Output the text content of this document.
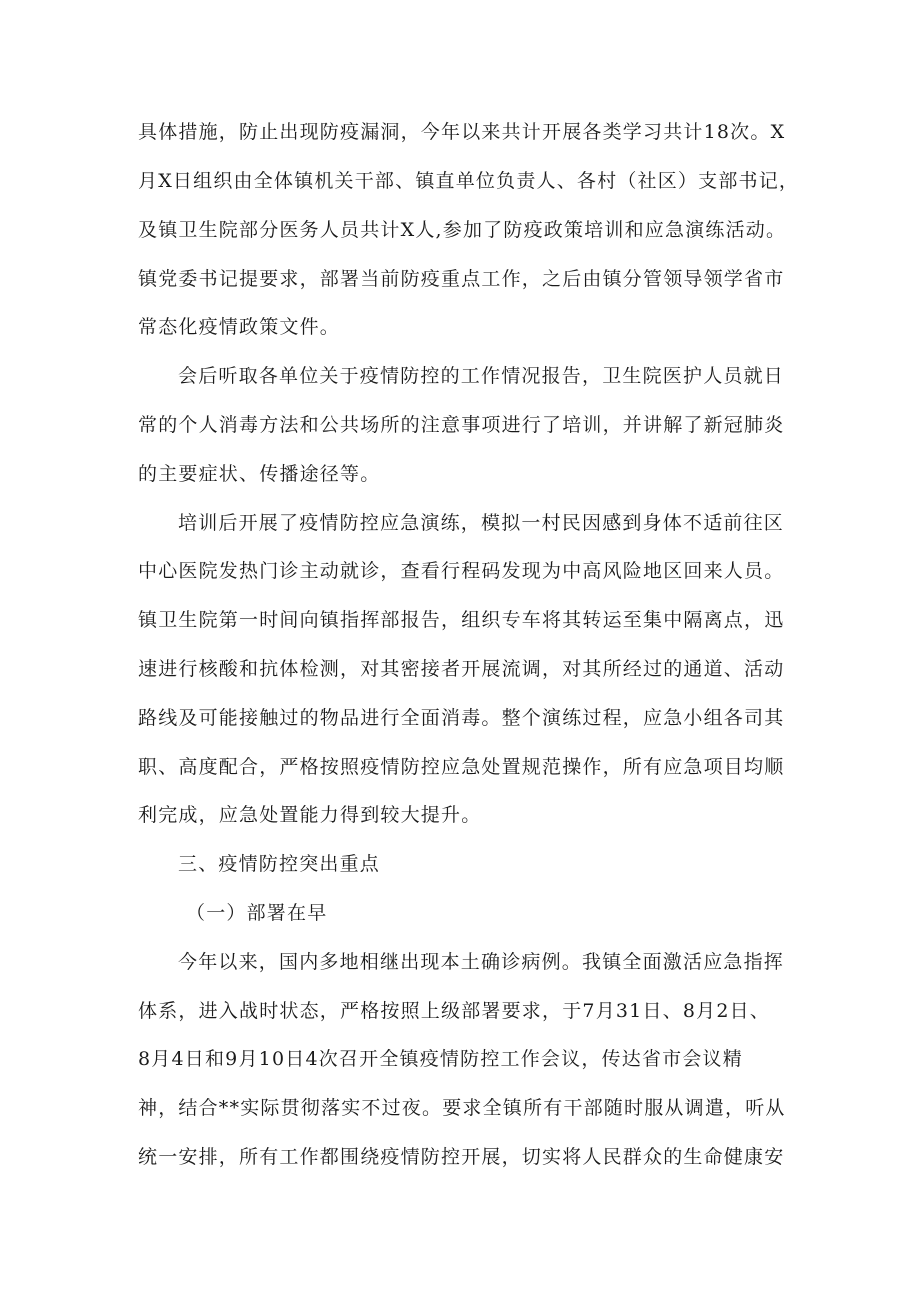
具体措施，防止出现防疫漏洞，今年以来共计开展各类学习共计18次。X
月X日组织由全体镇机关干部、镇直单位负责人、各村（社区）支部书记，
及镇卫生院部分医务人员共计X人,参加了防疫政策培训和应急演练活动。
镇党委书记提要求，部署当前防疫重点工作，之后由镇分管领导领学省市
常态化疫情政策文件。
会后听取各单位关于疫情防控的工作情况报告，卫生院医护人员就日
常的个人消毒方法和公共场所的注意事项进行了培训，并讲解了新冠肺炎
的主要症状、传播途径等。
培训后开展了疫情防控应急演练，模拟一村民因感到身体不适前往区
中心医院发热门诊主动就诊，查看行程码发现为中高风险地区回来人员。
镇卫生院第一时间向镇指挥部报告，组织专车将其转运至集中隔离点，迅
速进行核酸和抗体检测，对其密接者开展流调，对其所经过的通道、活动
路线及可能接触过的物品进行全面消毒。整个演练过程，应急小组各司其
职、高度配合，严格按照疫情防控应急处置规范操作，所有应急项目均顺
利完成，应急处置能力得到较大提升。
三、疫情防控突出重点
（一）部署在早
今年以来，国内多地相继出现本土确诊病例。我镇全面激活应急指挥
体系，进入战时状态，严格按照上级部署要求，于7月31日、8月2日、
8月4日和9月10日4次召开全镇疫情防控工作会议，传达省市会议精
神，结合**实际贯彻落实不过夜。要求全镇所有干部随时服从调遣，听从
统一安排，所有工作都围绕疫情防控开展，切实将人民群众的生命健康安
